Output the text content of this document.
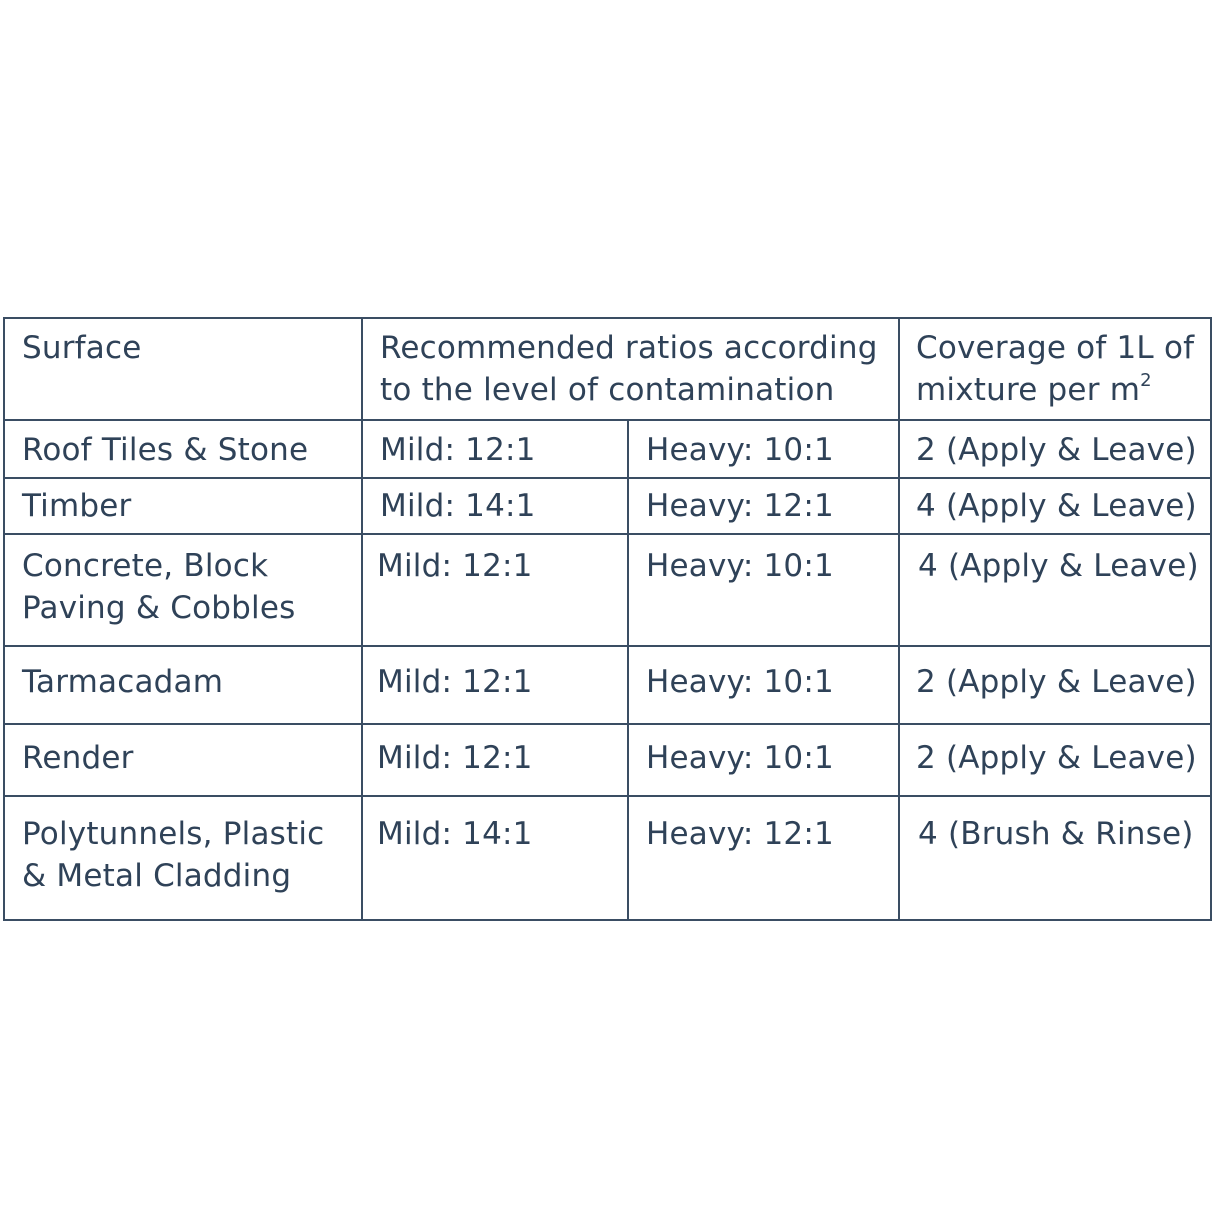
Surface	Recommended ratios according to the level of contamination		Coverage of 1L of mixture per $m^2$
Roof Tiles & Stone	Mild: 12:1	Heavy: 10:1	2 (Apply & Leave)
Timber	Mild: 14:1	Heavy: 12:1	4 (Apply & Leave)
Concrete, Block Paving & Cobbles	Mild: 12:1	Heavy: 10:1	4 (Apply & Leave)
Tarmacadam	Mild: 12:1	Heavy: 10:1	2 (Apply & Leave)
Render	Mild: 12:1	Heavy: 10:1	2 (Apply & Leave)
Polytunnels, Plastic & Metal Cladding	Mild: 14:1	Heavy: 12:1	4 (Brush & Rinse)
